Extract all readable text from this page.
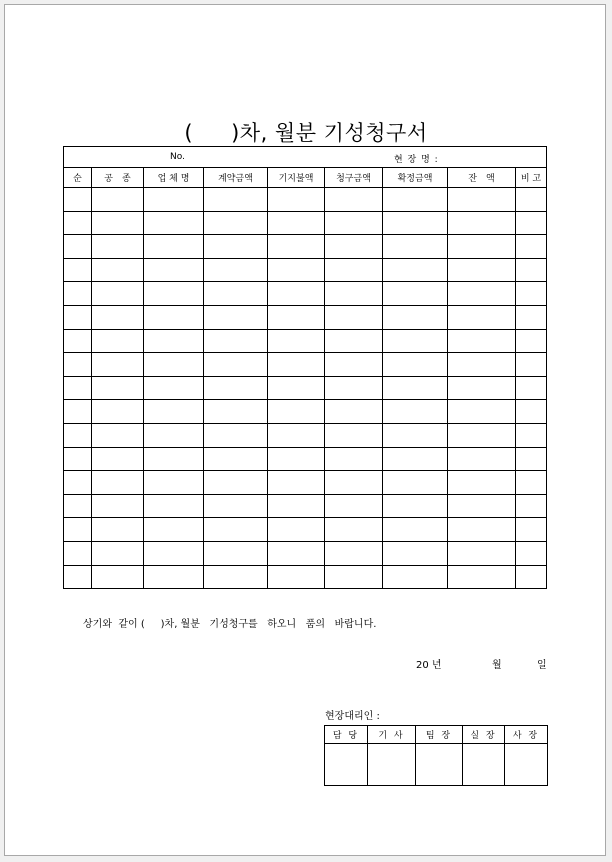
( )차, 월분 기성청구서
No. 현 장 명 :								

순	공　종	업 체 명	계약금액	기지불액	청구금액	확정금액	잔　액	비 고

상기와  같이 (     )차, 월분   기성청구를   하오니   품의   바랍니다.
20 년	월	일
현장대리인 :
담 당	기 사	팀 장	실 장	사 장
